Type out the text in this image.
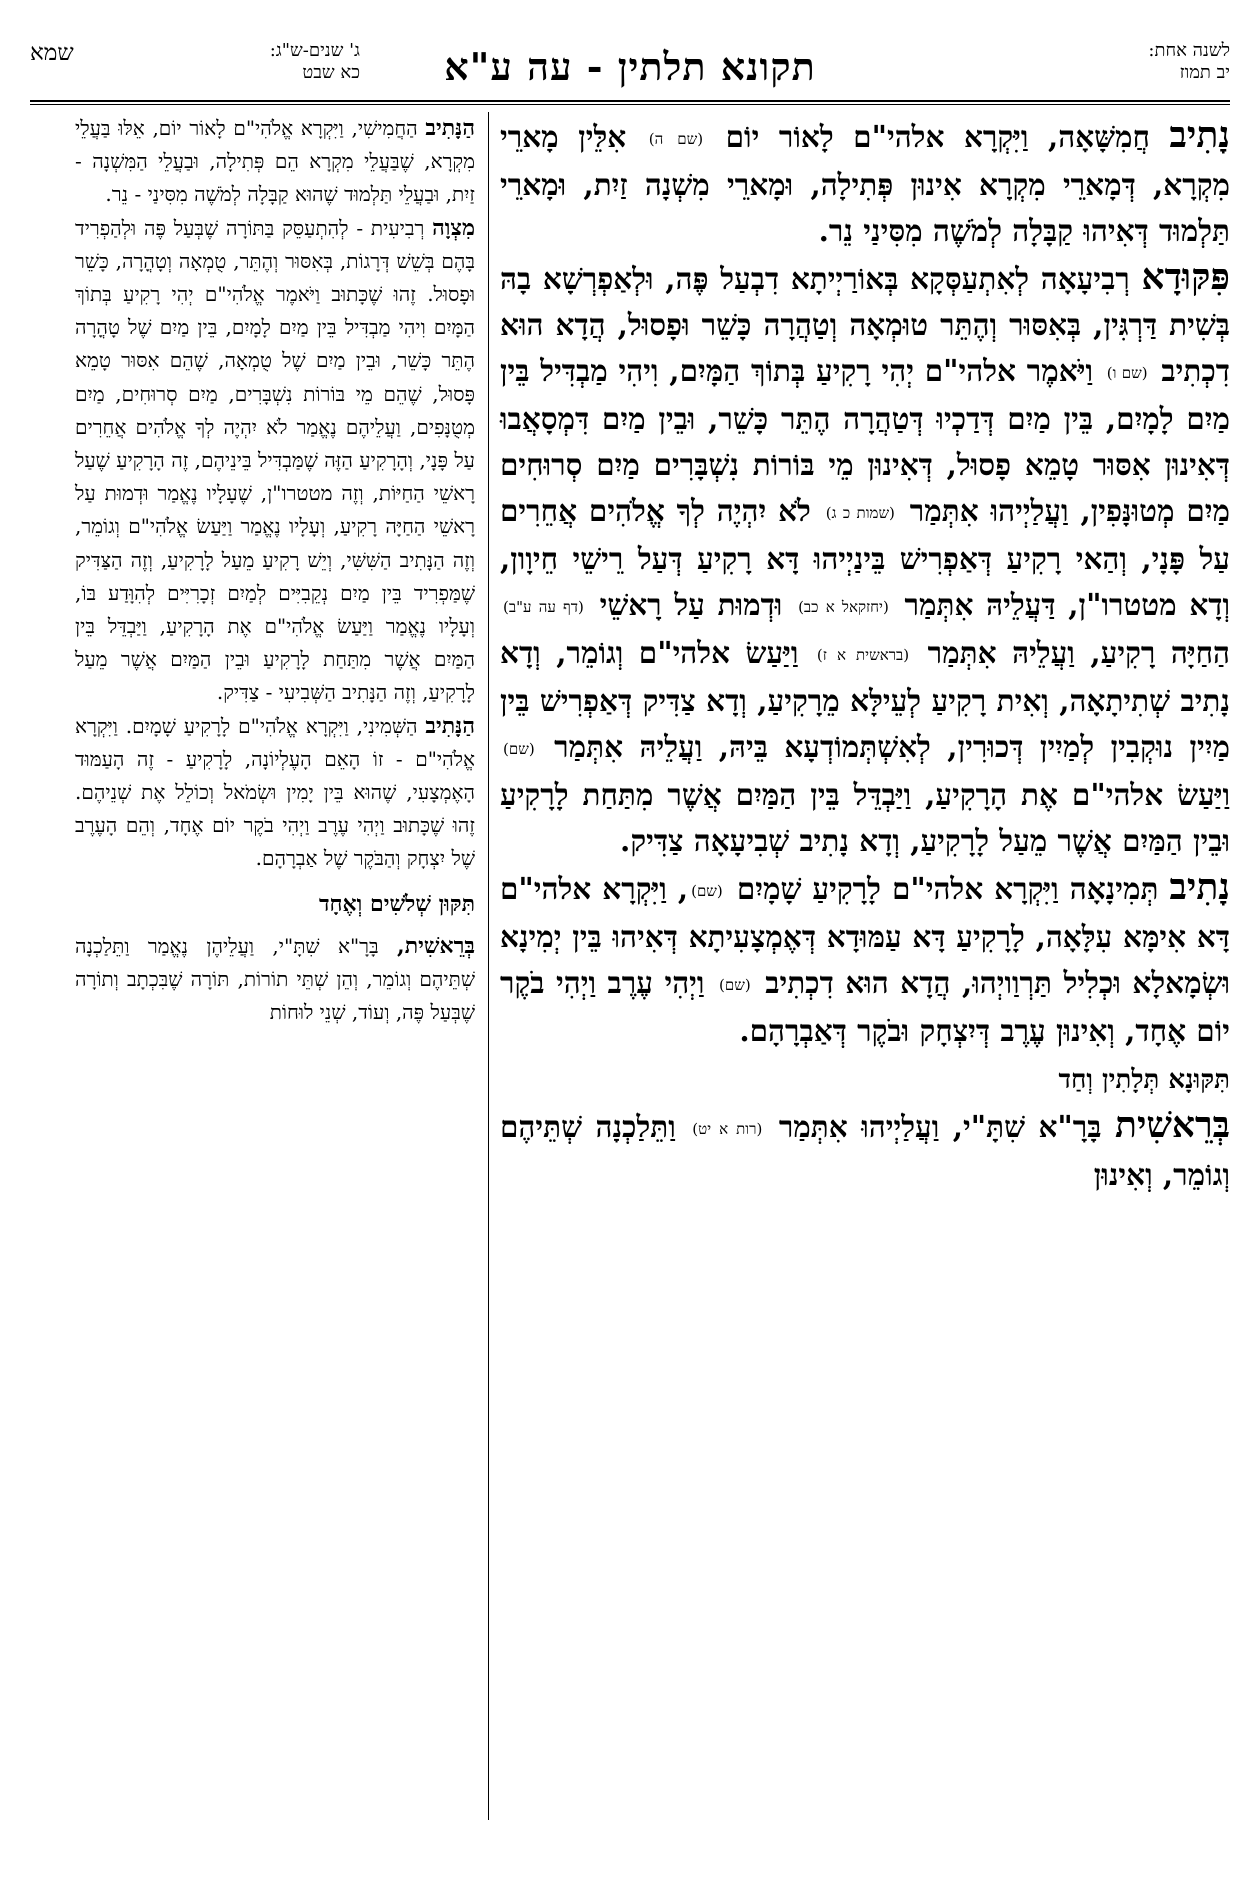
לשנה אחת:
יב תמוז
תקונא תלתין - עה ע"א
ג' שנים-ש"ג:
כא שבט
שמא

נָתִיב חֲמִשָּׁאָה, וַיִּקְרָא אלהי"ם לָאוֹר יוֹם (שם ה) אִלֵּין מָארֵי מִקְרָא, דְּמָארֵי מִקְרָא אִינוּן פְּתִילָה, וּמָארֵי מִשְׁנָה זַיִת, וּמָארֵי תַּלְמוּד דְּאִיהוּ קַבָּלָה לְמֹשֶׁה מִסִּינַי נֵר.

פִּקּוּדָא רְבִיעָאָה לְאִתְעַסְּקָא בְּאוֹרַיְיתָא דִבְעַל פֶּה, וּלְאַפְרְשָׁא בָהּ בְּשִׁית דַּרְגִּין, בְּאִסּוּר וְהֶתֵּר טוּמְאָה וְטַהֲרָה כָּשֵׁר וּפָסוּל, הֲדָא הוּא דִכְתִיב (שם ו) וַיֹּאמֶר אלהי"ם יְהִי רָקִיעַ בְּתוֹךְ הַמָּיִם, וִיהִי מַבְדִּיל בֵּין מַיִם לָמָיִם, בֵּין מַיִם דְּדַכְיוּ דְּטַהֲרָה הֶתֵּר כָּשֵׁר, וּבֵין מַיִם דִּמְסָאֲבוּ דְּאִינוּן אִסּוּר טָמֵא פָסוּל, דְּאִינוּן מֵי בּוֹרוֹת נִשְׁבָּרִים מַיִם סְרוּחִים מַיִם מְטוּנָּפִין, וַעֲלַיְיהוּ אִתְּמַר (שמות כ ג) לֹא יִהְיֶה לְךָ אֱלֹהִים אֲחֵרִים עַל פָּנָי, וְהַאי רָקִיעַ דְּאַפְרִישׁ בֵּינַיְיהוּ דָּא רָקִיעַ דְּעַל רֵישֵׁי חֵיוָון, וְדָא מטטרו"ן, דַּעֲלֵיהּ אִתְּמַר (יחזקאל א כב) וּדְמוּת עַל רָאשֵׁי (דף עה ע"ב) הַחַיָּה רָקִיעַ, וַעֲלֵיהּ אִתְּמַר (בראשית א ז) וַיַּעַשׂ אלהי"ם וְגוֹמֵר, וְדָא נָתִיב שְׁתִיתָאָה, וְאִית רָקִיעַ לְעֵילָּא מֵרָקִיעַ, וְדָא צַדִּיק דְּאַפְרִישׁ בֵּין מַיִין נוּקְבִין לְמַיִין דְּכוּרִין, לְאִשְׁתְּמוֹדְעָא בֵּיהּ, וַעֲלֵיהּ אִתְּמַר (שם) וַיַּעַשׂ אלהי"ם אֶת הָרָקִיעַ, וַיַּבְדֵּל בֵּין הַמַּיִם אֲשֶׁר מִתַּחַת לָרָקִיעַ וּבֵין הַמַּיִם אֲשֶׁר מֵעַל לָרָקִיעַ, וְדָא נָתִיב שְׁבִיעָאָה צַדִּיק.

נָתִיב תְּמִינָאָה וַיִּקְרָא אלהי"ם לָרָקִיעַ שָׁמָיִם (שם), וַיִּקְרָא אלהי"ם דָּא אִימָּא עִלָּאָה, לָרָקִיעַ דָּא עַמּוּדָא דְּאֶמְצָעִיתָא דְּאִיהוּ בֵּין יְמִינָא וּשְׂמָאלָא וּכְלִיל תַּרְוַויְהוּ, הֲדָא הוּא דִכְתִיב (שם) וַיְהִי עֶרֶב וַיְהִי בֹקֶר יוֹם אֶחָד, וְאִינוּן עֶרֶב דְּיִצְחָק וּבֹקֶר דְּאַבְרָהָם.

תִּקּוּנָא תְּלָתִין וְחַד

בְּרֵאשִׁית בָּרָ"א שִׁתָּ"י, וַעֲלַיְיהוּ אִתְּמַר (רות א יט) וַתֵּלַכְנָה שְׁתֵּיהֶם וְגוֹמֵר, וְאִינוּן

הַנָּתִיב הַחֲמִישִׁי, וַיִּקְרָא אֱלֹהִי"ם לָאוֹר יוֹם, אֵלּוּ בַּעֲלֵי מִקְרָא, שֶׁבַּעֲלֵי מִקְרָא הֵם פְּתִילָה, וּבַעֲלֵי הַמִּשְׁנָה - זַיִת, וּבַעֲלֵי תַּלְמוּד שֶׁהוּא קַבָּלָה לְמֹשֶׁה מִסִּינַי - נֵר.

מִצְוָה רְבִיעִית - לְהִתְעַסֵּק בַּתּוֹרָה שֶׁבְּעַל פֶּה וּלְהַפְרִיד בָּהֶם בְּשֵׁשׁ דְּרָגוֹת, בְּאִסּוּר וְהֶתֵּר, טֻמְאָה וְטָהֳרָה, כָּשֵׁר וּפָסוּל. זֶהוּ שֶׁכָּתוּב וַיֹּאמֶר אֱלֹהִי"ם יְהִי רָקִיעַ בְּתוֹךְ הַמָּיִם וִיהִי מַבְדִּיל בֵּין מַיִם לָמָיִם, בֵּין מַיִם שֶׁל טָהֳרָה הֶתֵּר כָּשֵׁר, וּבֵין מַיִם שֶׁל טֻמְאָה, שֶׁהֵם אִסּוּר טָמֵא פָּסוּל, שֶׁהֵם מֵי בּוֹרוֹת נִשְׁבָּרִים, מַיִם סְרוּחִים, מַיִם מְטֻנָּפִים, וַעֲלֵיהֶם נֶאֱמַר לֹא יִהְיֶה לְךָ אֱלֹהִים אֲחֵרִים עַל פָּנָי, וְהָרָקִיעַ הַזֶּה שֶׁמַּבְדִּיל בֵּינֵיהֶם, זֶה הָרָקִיעַ שֶׁעַל רָאשֵׁי הַחַיּוֹת, וְזֶה מטטרו"ן, שֶׁעָלָיו נֶאֱמַר וּדְמוּת עַל רָאשֵׁי הַחַיָּה רָקִיעַ, וְעָלָיו נֶאֱמַר וַיַּעַשׂ אֱלֹהִי"ם וְגוֹמֵר, וְזֶה הַנָּתִיב הַשִּׁשִּׁי, וְיֵשׁ רָקִיעַ מֵעַל לָרָקִיעַ, וְזֶה הַצַּדִּיק שֶׁמַּפְרִיד בֵּין מַיִם נְקֵבִיִּים לְמַיִם זְכָרִיִּים לְהִוָּדַע בּוֹ, וְעָלָיו נֶאֱמַר וַיַּעַשׂ אֱלֹהִי"ם אֶת הָרָקִיעַ, וַיַּבְדֵּל בֵּין הַמַּיִם אֲשֶׁר מִתַּחַת לָרָקִיעַ וּבֵין הַמַּיִם אֲשֶׁר מֵעַל לָרָקִיעַ, וְזֶה הַנָּתִיב הַשְּׁבִיעִי - צַדִּיק.

הַנָּתִיב הַשְּׁמִינִי, וַיִּקְרָא אֱלֹהִי"ם לָרָקִיעַ שָׁמָיִם. וַיִּקְרָא אֱלֹהִי"ם - זוֹ הָאֵם הָעֶלְיוֹנָה, לָרָקִיעַ - זֶה הָעַמּוּד הָאֶמְצָעִי, שֶׁהוּא בֵּין יָמִין וּשְׂמֹאל וְכוֹלֵל אֶת שְׁנֵיהֶם. זֶהוּ שֶׁכָּתוּב וַיְהִי עֶרֶב וַיְהִי בֹקֶר יוֹם אֶחָד, וְהֵם הָעֶרֶב שֶׁל יִצְחָק וְהַבֹּקֶר שֶׁל אַבְרָהָם.

תִּקּוּן שְׁלֹשִׁים וְאֶחָד

בְּרֵאשִׁית, בָּרָ"א שִׁתָּ"י, וַעֲלֵיהֶן נֶאֱמַר וַתֵּלַכְנָה שְׁתֵּיהֶם וְגוֹמֵר, וְהֵן שְׁתֵּי תוֹרוֹת, תּוֹרָה שֶׁבִּכְתָב וְתוֹרָה שֶׁבְּעַל פֶּה, וְעוֹד, שְׁנֵי לוּחוֹת
